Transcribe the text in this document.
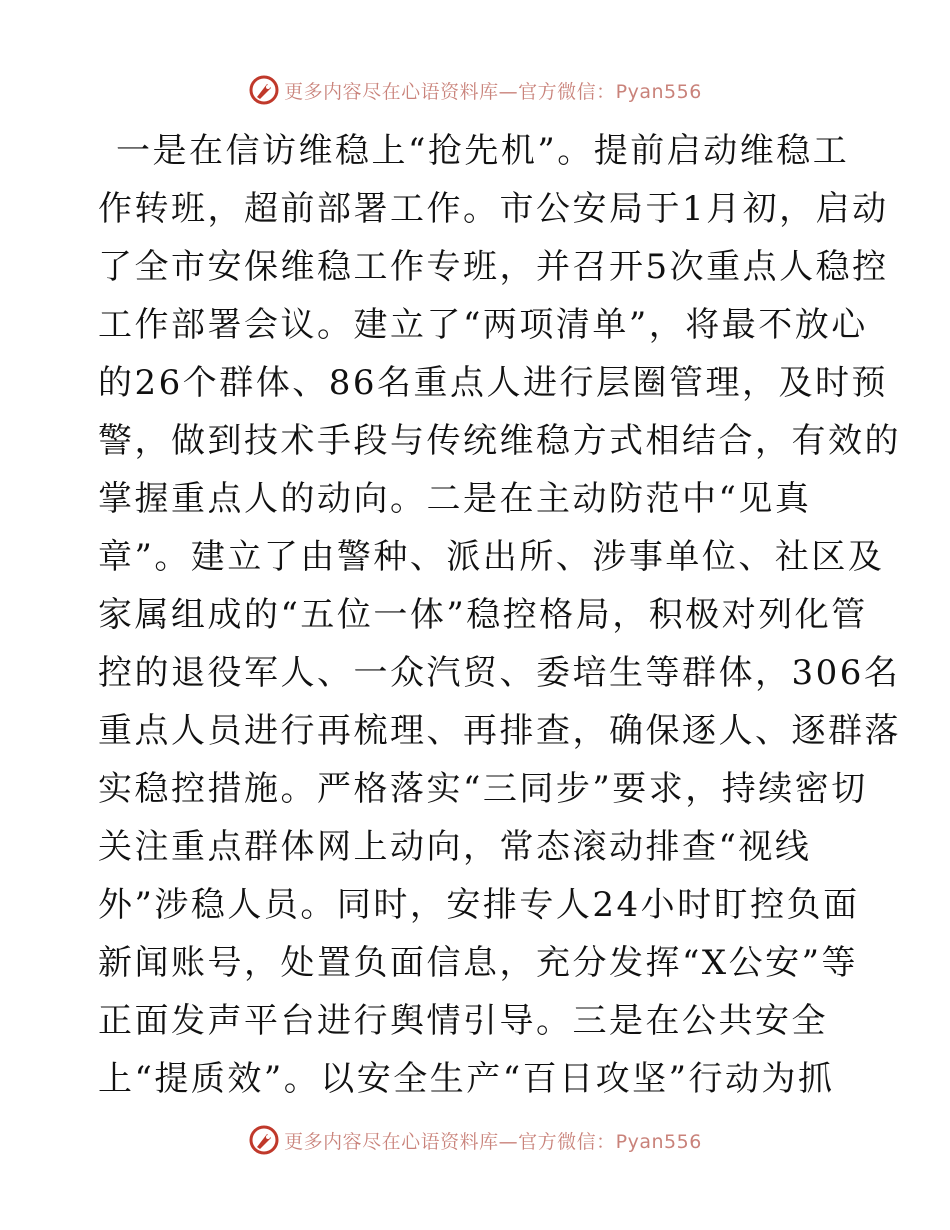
更多内容尽在心语资料库—官方微信：Pyan556
一是在信访维稳上“抢先机”。提前启动维稳工
作转班，超前部署工作。市公安局于1月初，启动
了全市安保维稳工作专班，并召开5次重点人稳控
工作部署会议。建立了“两项清单”，将最不放心
的26个群体、86名重点人进行层圈管理，及时预
警，做到技术手段与传统维稳方式相结合，有效的
掌握重点人的动向。二是在主动防范中“见真
章”。建立了由警种、派出所、涉事单位、社区及
家属组成的“五位一体”稳控格局，积极对列化管
控的退役军人、一众汽贸、委培生等群体，306名
重点人员进行再梳理、再排查，确保逐人、逐群落
实稳控措施。严格落实“三同步”要求，持续密切
关注重点群体网上动向，常态滚动排查“视线
外”涉稳人员。同时，安排专人24小时盯控负面
新闻账号，处置负面信息，充分发挥“X公安”等
正面发声平台进行舆情引导。三是在公共安全
上“提质效”。以安全生产“百日攻坚”行动为抓
更多内容尽在心语资料库—官方微信：Pyan556
